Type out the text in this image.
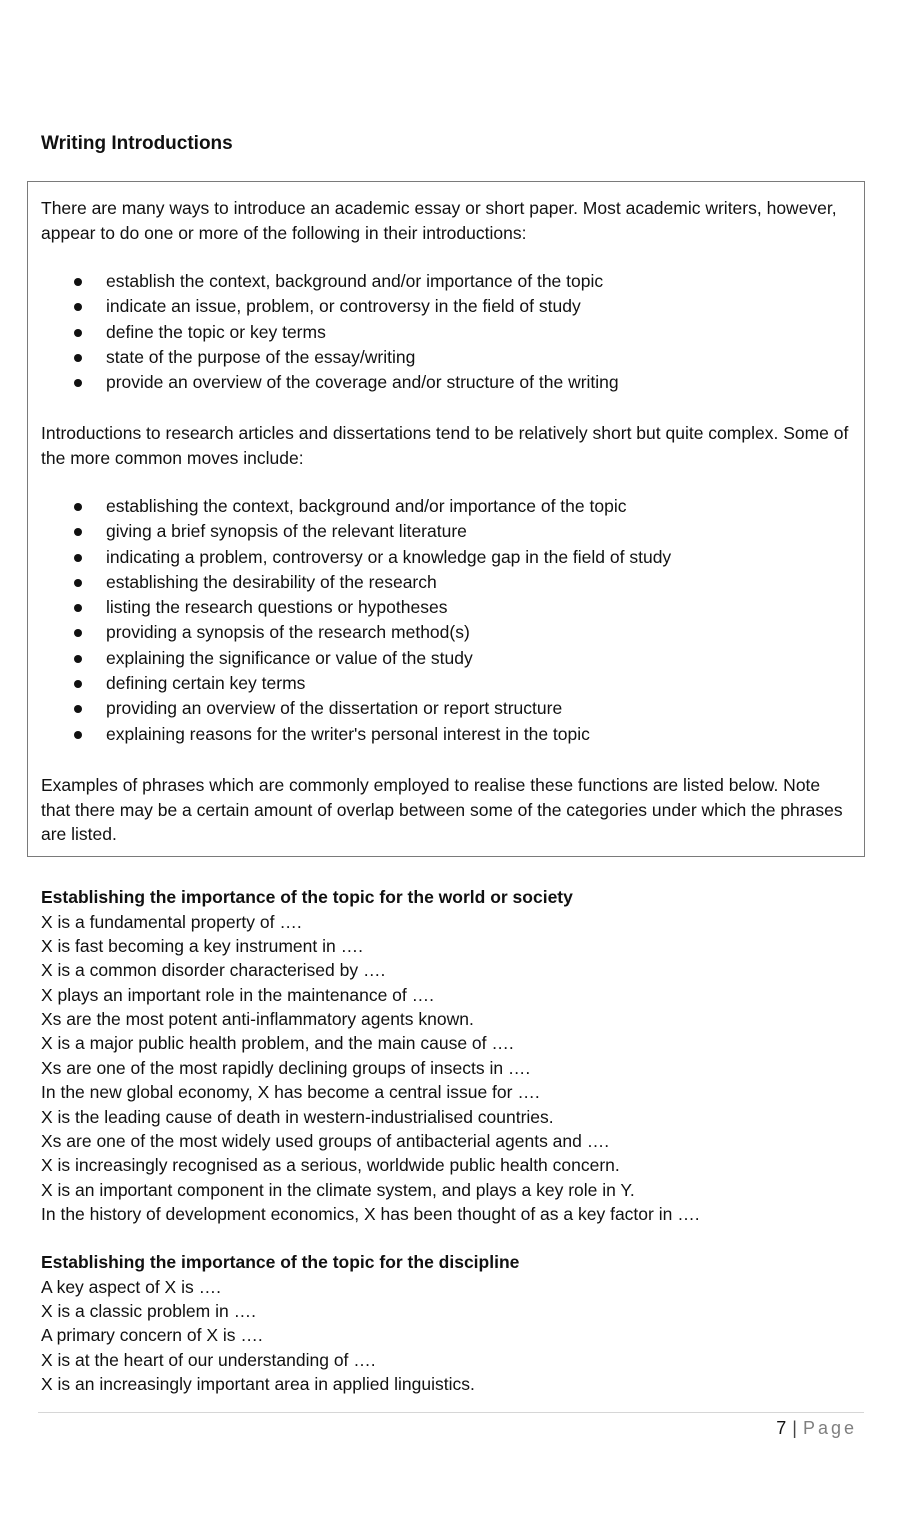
Writing Introductions

There are many ways to introduce an academic essay or short paper. Most academic writers, however, appear to do one or more of the following in their introductions:

establish the context, background and/or importance of the topic
indicate an issue, problem, or controversy in the field of study
define the topic or key terms
state of the purpose of the essay/writing
provide an overview of the coverage and/or structure of the writing

Introductions to research articles and dissertations tend to be relatively short but quite complex. Some of the more common moves include:

establishing the context, background and/or importance of the topic
giving a brief synopsis of the relevant literature
indicating a problem, controversy or a knowledge gap in the field of study
establishing the desirability of the research
listing the research questions or hypotheses
providing a synopsis of the research method(s)
explaining the significance or value of the study
defining certain key terms
providing an overview of the dissertation or report structure
explaining reasons for the writer's personal interest in the topic

Examples of phrases which are commonly employed to realise these functions are listed below. Note that there may be a certain amount of overlap between some of the categories under which the phrases are listed.

Establishing the importance of the topic for the world or society
X is a fundamental property of ….
X is fast becoming a key instrument in ….
X is a common disorder characterised by ….
X plays an important role in the maintenance of ….
Xs are the most potent anti-inflammatory agents known.
X is a major public health problem, and the main cause of ….
Xs are one of the most rapidly declining groups of insects in ….
In the new global economy, X has become a central issue for ….
X is the leading cause of death in western-industrialised countries.
Xs are one of the most widely used groups of antibacterial agents and ….
X is increasingly recognised as a serious, worldwide public health concern.
X is an important component in the climate system, and plays a key role in Y.
In the history of development economics, X has been thought of as a key factor in ….
Establishing the importance of the topic for the discipline
A key aspect of X is ….
X is a classic problem in ….
A primary concern of X is ….
X is at the heart of our understanding of ….
X is an increasingly important area in applied linguistics.
7 | Page
